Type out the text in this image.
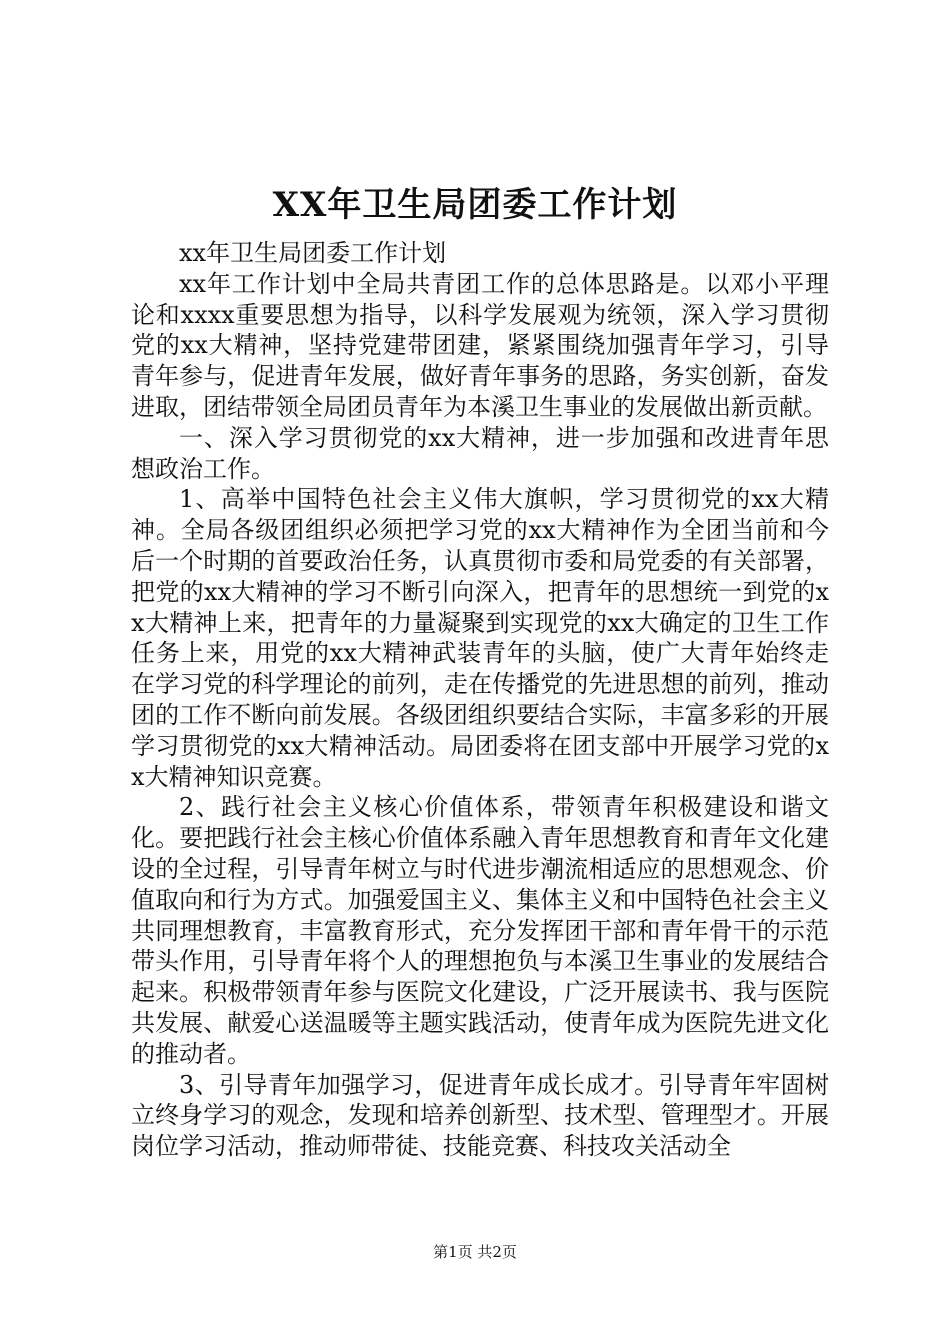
XX年卫生局团委工作计划

xx年卫生局团委工作计划

xx年工作计划中全局共青团工作的总体思路是。以邓小平理论和xxxx重要思想为指导，以科学发展观为统领，深入学习贯彻党的xx大精神，坚持党建带团建，紧紧围绕加强青年学习，引导青年参与，促进青年发展，做好青年事务的思路，务实创新，奋发进取，团结带领全局团员青年为本溪卫生事业的发展做出新贡献。

一、深入学习贯彻党的xx大精神，进一步加强和改进青年思想政治工作。

1、高举中国特色社会主义伟大旗帜，学习贯彻党的xx大精神。全局各级团组织必须把学习党的xx大精神作为全团当前和今后一个时期的首要政治任务，认真贯彻市委和局党委的有关部署，把党的xx大精神的学习不断引向深入，把青年的思想统一到党的xx大精神上来，把青年的力量凝聚到实现党的xx大确定的卫生工作任务上来，用党的xx大精神武装青年的头脑，使广大青年始终走在学习党的科学理论的前列，走在传播党的先进思想的前列，推动团的工作不断向前发展。各级团组织要结合实际，丰富多彩的开展学习贯彻党的xx大精神活动。局团委将在团支部中开展学习党的xx大精神知识竞赛。

2、践行社会主义核心价值体系，带领青年积极建设和谐文化。要把践行社会主核心价值体系融入青年思想教育和青年文化建设的全过程，引导青年树立与时代进步潮流相适应的思想观念、价值取向和行为方式。加强爱国主义、集体主义和中国特色社会主义共同理想教育，丰富教育形式，充分发挥团干部和青年骨干的示范带头作用，引导青年将个人的理想抱负与本溪卫生事业的发展结合起来。积极带领青年参与医院文化建设，广泛开展读书、我与医院共发展、献爱心送温暖等主题实践活动，使青年成为医院先进文化的推动者。

3、引导青年加强学习，促进青年成长成才。引导青年牢固树立终身学习的观念，发现和培养创新型、技术型、管理型才。开展岗位学习活动，推动师带徒、技能竞赛、科技攻关活动全

第1页 共2页
